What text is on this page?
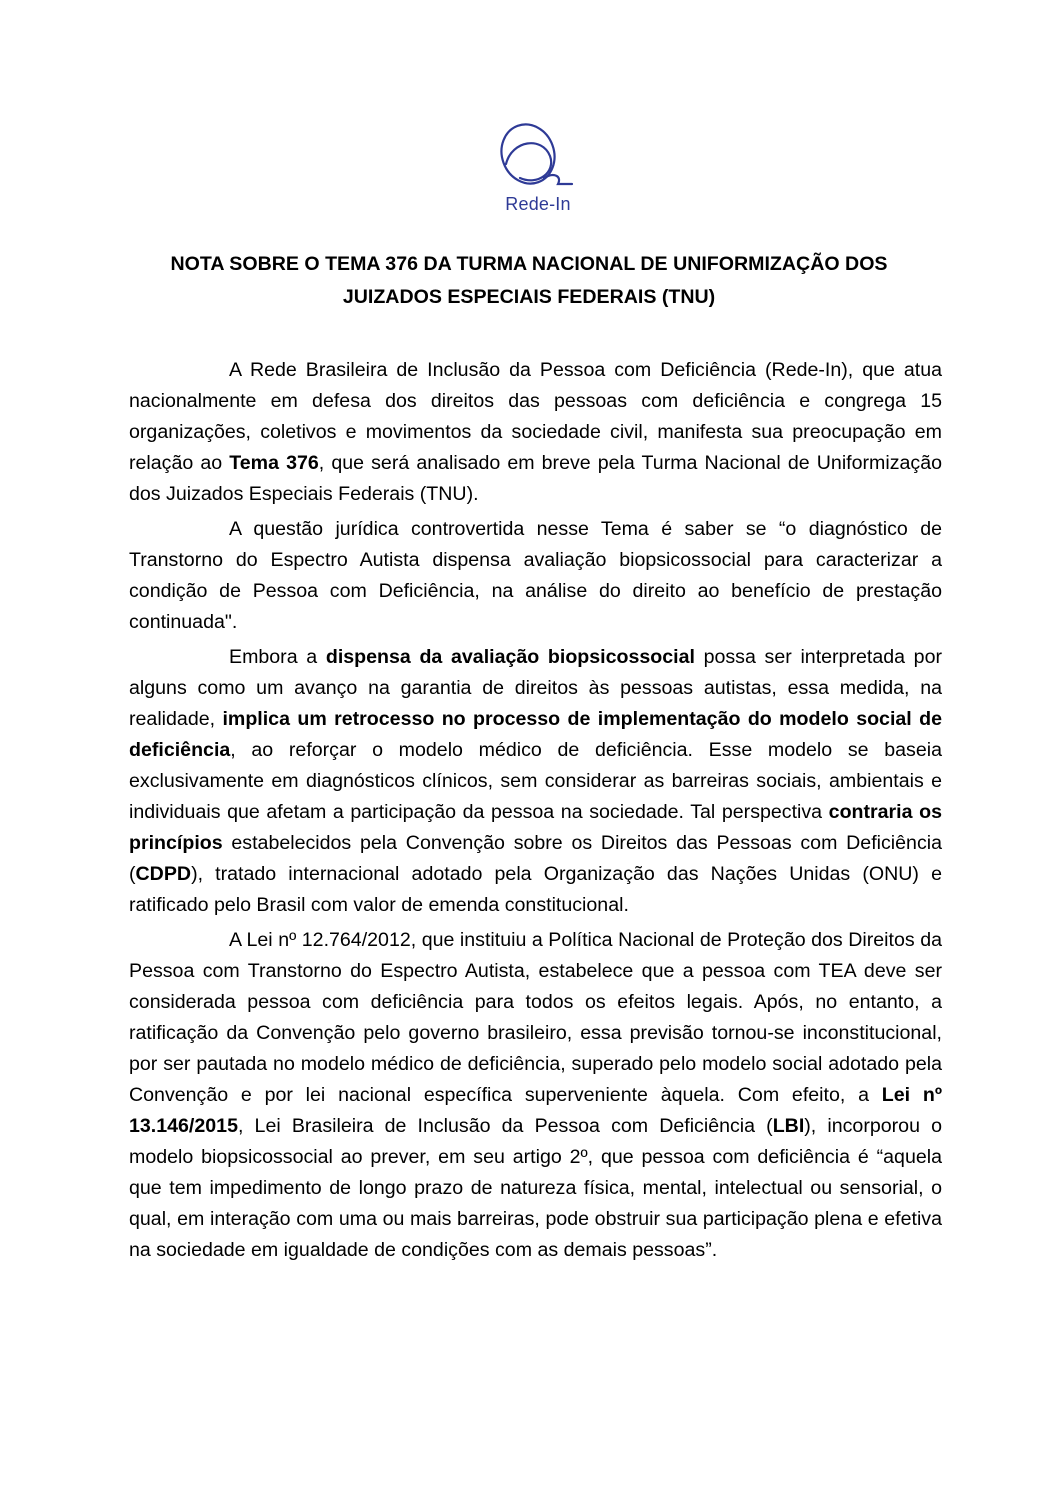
Rede-In
NOTA SOBRE O TEMA 376 DA TURMA NACIONAL DE UNIFORMIZAÇÃO DOS
JUIZADOS ESPECIAIS FEDERAIS (TNU)

A Rede Brasileira de Inclusão da Pessoa com Deficiência (Rede-In), que atua nacionalmente em defesa dos direitos das pessoas com deficiência e congrega 15 organizações, coletivos e movimentos da sociedade civil, manifesta sua preocupação em relação ao Tema 376, que será analisado em breve pela Turma Nacional de Uniformização dos Juizados Especiais Federais (TNU).

A questão jurídica controvertida nesse Tema é saber se “o diagnóstico de Transtorno do Espectro Autista dispensa avaliação biopsicossocial para caracterizar a condição de Pessoa com Deficiência, na análise do direito ao benefício de prestação continuada".

Embora a dispensa da avaliação biopsicossocial possa ser interpretada por alguns como um avanço na garantia de direitos às pessoas autistas, essa medida, na realidade, implica um retrocesso no processo de implementação do modelo social de deficiência, ao reforçar o modelo médico de deficiência. Esse modelo se baseia exclusivamente em diagnósticos clínicos, sem considerar as barreiras sociais, ambientais e individuais que afetam a participação da pessoa na sociedade. Tal perspectiva contraria os princípios estabelecidos pela Convenção sobre os Direitos das Pessoas com Deficiência (CDPD), tratado internacional adotado pela Organização das Nações Unidas (ONU) e ratificado pelo Brasil com valor de emenda constitucional.

A Lei nº 12.764/2012, que instituiu a Política Nacional de Proteção dos Direitos da Pessoa com Transtorno do Espectro Autista, estabelece que a pessoa com TEA deve ser considerada pessoa com deficiência para todos os efeitos legais. Após, no entanto, a ratificação da Convenção pelo governo brasileiro, essa previsão tornou-se inconstitucional, por ser pautada no modelo médico de deficiência, superado pelo modelo social adotado pela Convenção e por lei nacional específica superveniente àquela. Com efeito, a Lei nº 13.146/2015, Lei Brasileira de Inclusão da Pessoa com Deficiência (LBI), incorporou o modelo biopsicossocial ao prever, em seu artigo 2º, que pessoa com deficiência é “aquela que tem impedimento de longo prazo de natureza física, mental, intelectual ou sensorial, o qual, em interação com uma ou mais barreiras, pode obstruir sua participação plena e efetiva na sociedade em igualdade de condições com as demais pessoas”.
